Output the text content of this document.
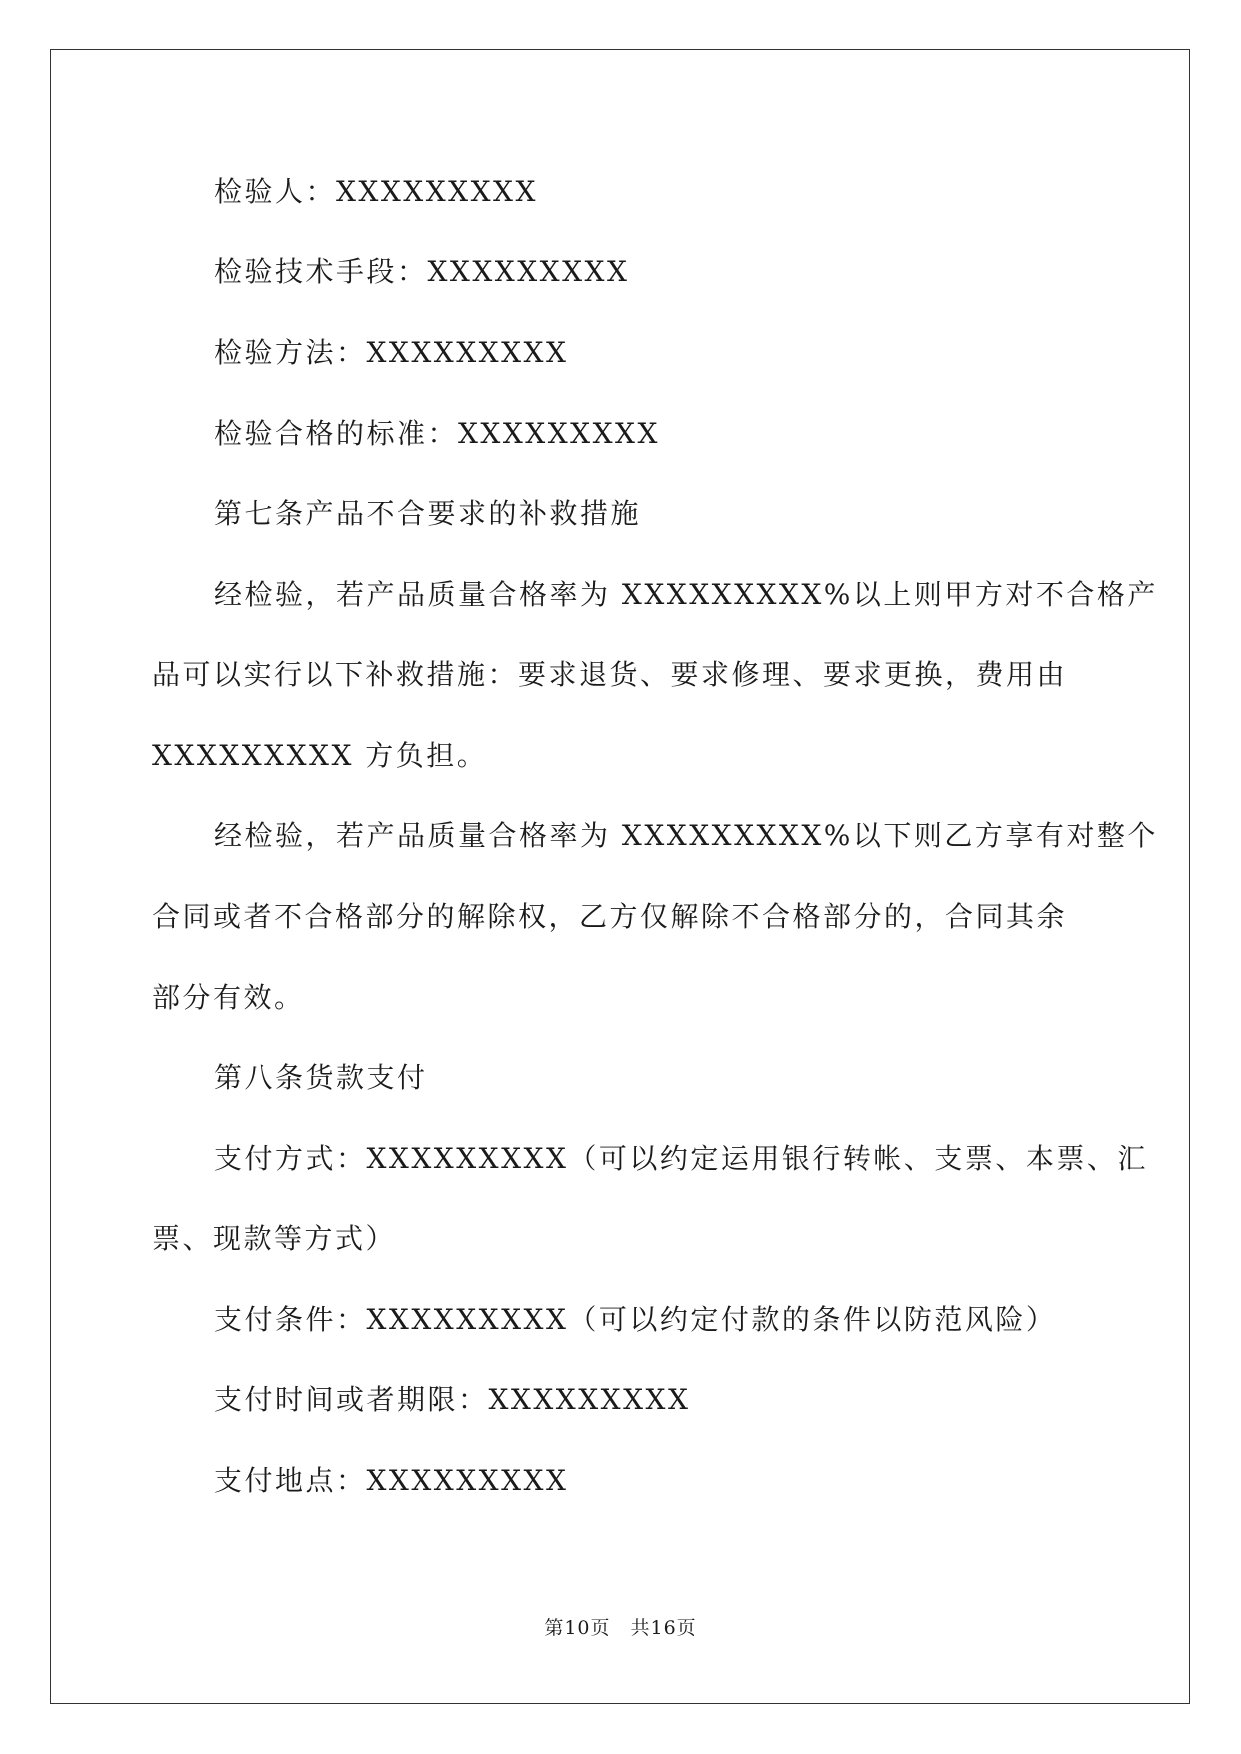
检验人：XXXXXXXXX

检验技术手段：XXXXXXXXX

检验方法：XXXXXXXXX

检验合格的标准：XXXXXXXXX

第七条产品不合要求的补救措施

经检验，若产品质量合格率为 XXXXXXXXX%以上则甲方对不合格产

品可以实行以下补救措施：要求退货、要求修理、要求更换，费用由

XXXXXXXXX 方负担。

经检验，若产品质量合格率为 XXXXXXXXX%以下则乙方享有对整个

合同或者不合格部分的解除权，乙方仅解除不合格部分的，合同其余

部分有效。

第八条货款支付

支付方式：XXXXXXXXX（可以约定运用银行转帐、支票、本票、汇

票、现款等方式）

支付条件：XXXXXXXXX（可以约定付款的条件以防范风险）

支付时间或者期限：XXXXXXXXX

支付地点：XXXXXXXXX

第10页　共16页
